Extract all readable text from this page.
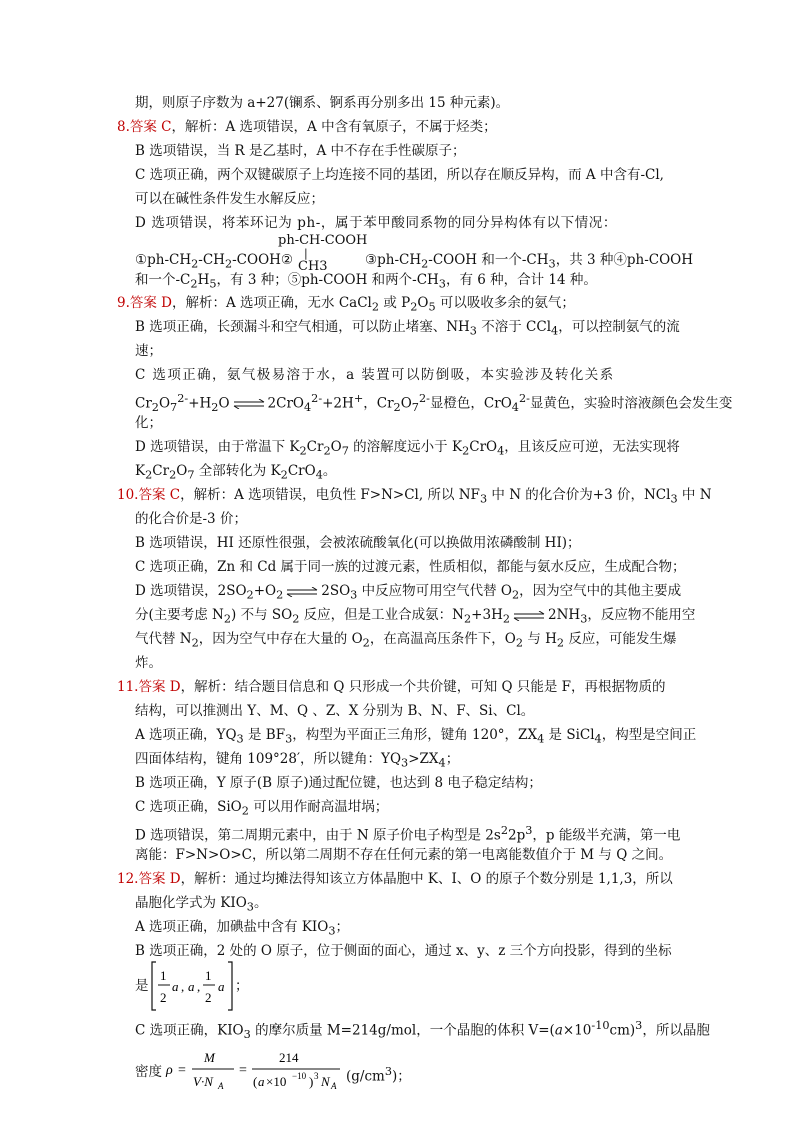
期，则原子序数为 a+27(镧系、锕系再分别多出 15 种元素)。
8.答案 C，解析：A 选项错误，A 中含有氧原子，不属于烃类；
B 选项错误，当 R 是乙基时，A 中不存在手性碳原子；
C 选项正确，两个双键碳原子上均连接不同的基团，所以存在顺反异构，而 A 中含有-Cl,
可以在碱性条件发生水解反应；
D 选项错误，将苯环记为 ph-，属于苯甲酸同系物的同分异构体有以下情况：
ph-CH-COOH
|
CH3
①ph-$CH_2-CH_2$-COOH②	③ph-$CH_2$-COOH 和一个$-CH_3$，共 3 种④ph-COOH
和一个$-C_2H_5$，有 3 种；⑤ph-COOH 和两个$-CH_3$，有 6 种，合计 14 种。
9.答案 D，解析：A 选项正确，无水 CaCl$_2$ 或 $P_2O_5$ 可以吸收多余的氨气；
B 选项正确，长颈漏斗和空气相通，可以防止堵塞、$NH_3$ 不溶于 CCl$_4$，可以控制氨气的流
速；
C 选项正确，氨气极易溶于水，a 装置可以防倒吸，本实验涉及转化关系
$Cr_2O_7^{2-}+H_2O$ ⇌ 2CrO$_4^{2-}$+2H+，$Cr_2O_7^{2-}$显橙色，CrO$_4^{2-}$显黄色，实验时溶液颜色会发生变
化；
D 选项错误，由于常温下 $K_2Cr_2O_7$ 的溶解度远小于 $K_2CrO_4$，且该反应可逆，无法实现将
$K_2Cr_2O_7$ 全部转化为 $K_2CrO_4$。
10.答案 C，解析：A 选项错误，电负性 F>N>Cl, 所以 $NF_3$ 中 N 的化合价为+3 价，NCl$_3$ 中 N
的化合价是-3 价；
B 选项错误，HI 还原性很强，会被浓硫酸氧化(可以换做用浓磷酸制 HI)；
C 选项正确，Zn 和 Cd 属于同一族的过渡元素，性质相似，都能与氨水反应，生成配合物；
D 选项错误，$2SO_2+O_2$ ⇌ $2SO_3$ 中反应物可用空气代替 $O_2$，因为空气中的其他主要成
分(主要考虑 $N_2$) 不与 $SO_2$ 反应，但是工业合成氨：$N_2+3H_2$ ⇌ $2NH_3$，反应物不能用空
气代替 $N_2$，因为空气中存在大量的 $O_2$，在高温高压条件下，$O_2$ 与 $H_2$ 反应，可能发生爆
炸。
11.答案 D，解析：结合题目信息和 Q 只形成一个共价键，可知 Q 只能是 F，再根据物质的
结构，可以推测出 Y、M、Q 、Z、X 分别为 B、N、F、Si、Cl。
A 选项正确，$YQ_3$ 是 $BF_3$，构型为平面正三角形，键角 120°，$ZX_4$ 是 SiCl$_4$，构型是空间正
四面体结构，键角 109°28′，所以键角：$YQ_3>ZX_4$；
B 选项正确，Y 原子(B 原子)通过配位键，也达到 8 电子稳定结构；
C 选项正确，SiO$_2$ 可以用作耐高温坩埚；
D 选项错误，第二周期元素中，由于 N 原子价电子构型是 $2s^22p^3$，p 能级半充满，第一电
离能：F>N>O>C，所以第二周期不存在任何元素的第一电离能数值介于 M 与 Q 之间。
12.答案 D，解析：通过均摊法得知该立方体晶胞中 K、I、O 的原子个数分别是 1,1,3，所以
晶胞化学式为 $KIO_3$。
A 选项正确，加碘盐中含有 $KIO_3$；
B 选项正确，2 处的 O 原子，位于侧面的面心，通过 x、y、z 三个方向投影，得到的坐标
是
1
2
a , a ,
1
2
a ；
C 选项正确，$KIO_3$ 的摩尔质量 M=214g/mol，一个晶胞的体积 $V=(a\times 10^{-10}cm)^3$，所以晶胞
密度 ρ =
M
V·N A
=
214
( a ×10 −10 ) 3 N A
$(g/cm^3)$；
